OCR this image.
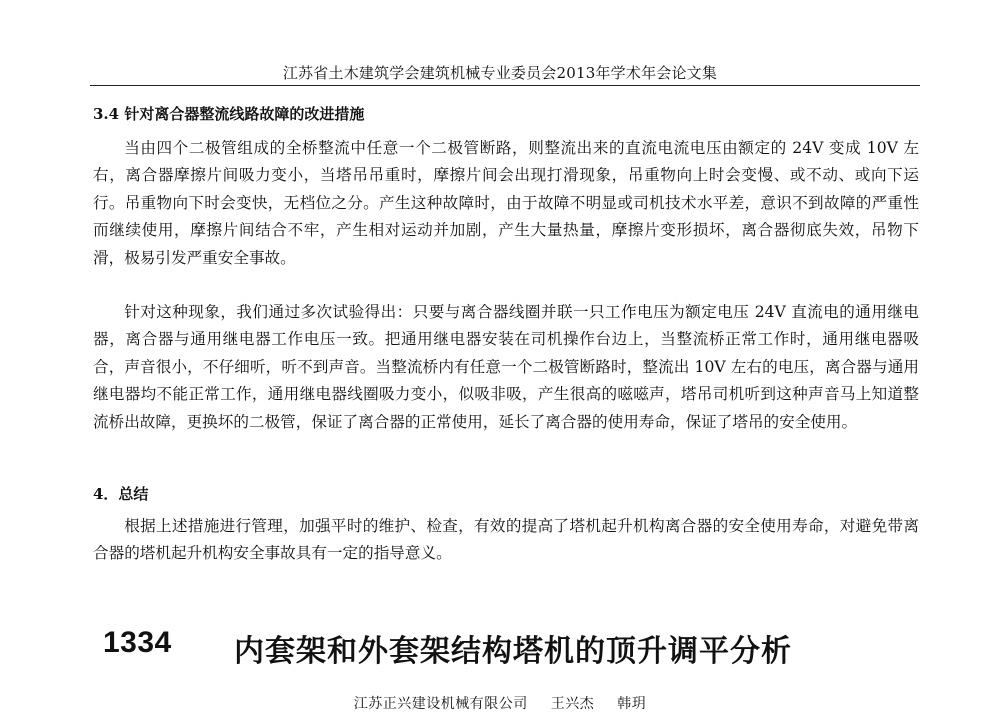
江苏省土木建筑学会建筑机械专业委员会2013年学术年会论文集
3.4 针对离合器整流线路故障的改进措施

当由四个二极管组成的全桥整流中任意一个二极管断路，则整流出来的直流电流电压由额定的 24V 变成 10V 左右，离合器摩擦片间吸力变小，当塔吊吊重时，摩擦片间会出现打滑现象，吊重物向上时会变慢、或不动、或向下运行。吊重物向下时会变快，无档位之分。产生这种故障时，由于故障不明显或司机技术水平差，意识不到故障的严重性而继续使用，摩擦片间结合不牢，产生相对运动并加剧，产生大量热量，摩擦片变形损坏，离合器彻底失效，吊物下滑，极易引发严重安全事故。

针对这种现象，我们通过多次试验得出：只要与离合器线圈并联一只工作电压为额定电压 24V 直流电的通用继电器，离合器与通用继电器工作电压一致。把通用继电器安装在司机操作台边上，当整流桥正常工作时，通用继电器吸合，声音很小，不仔细听，听不到声音。当整流桥内有任意一个二极管断路时，整流出 10V 左右的电压，离合器与通用继电器均不能正常工作，通用继电器线圈吸力变小，似吸非吸，产生很高的嗞嗞声，塔吊司机听到这种声音马上知道整流桥出故障，更换坏的二极管，保证了离合器的正常使用，延长了离合器的使用寿命，保证了塔吊的安全使用。

4．总结

根据上述措施进行管理，加强平时的维护、检查，有效的提高了塔机起升机构离合器的安全使用寿命，对避免带离合器的塔机起升机构安全事故具有一定的指导意义。

1334 内套架和外套架结构塔机的顶升调平分析
江苏正兴建设机械有限公司 王兴杰 韩玥
